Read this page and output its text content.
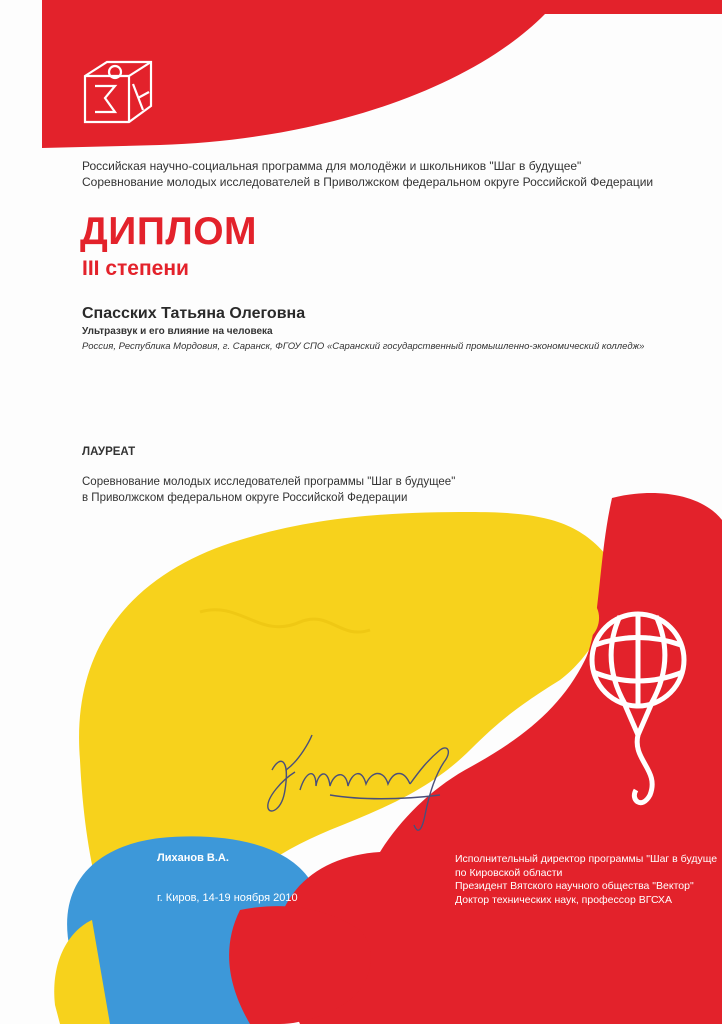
Российская научно-социальная программа для молодёжи и школьников "Шаг в будущее"
Соревнование молодых исследователей в Приволжском федеральном округе Российской Федерации
ДИПЛОМ
III степени
Спасских Татьяна Олеговна
Ультразвук и его влияние на человека
Россия, Республика Мордовия, г. Саранск, ФГОУ СПО «Саранский государственный промышленно-экономический колледж»
ЛАУРЕАТ
Соревнование молодых исследователей программы "Шаг в будущее"
в Приволжском федеральном округе Российской Федерации
Лиханов В.А.
г. Киров, 14-19 ноября 2010
Исполнительный директор программы "Шаг в будуще
по Кировской области
Президент Вятского научного общества "Вектор"
Доктор технических наук, профессор ВГСХА
